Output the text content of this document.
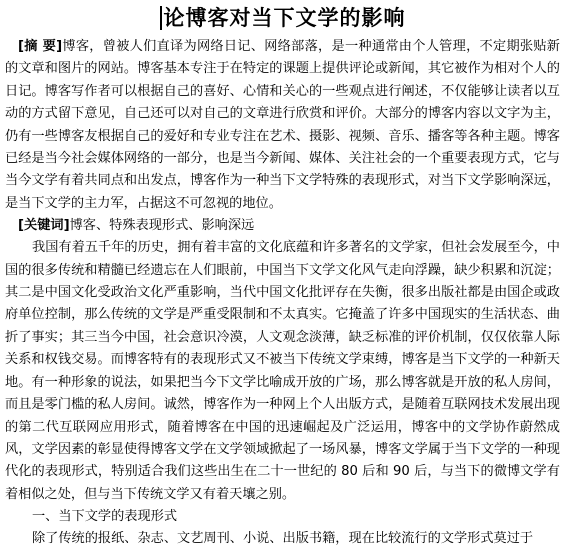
论博客对当下文学的影响

[摘 要]博客，曾被人们直译为网络日记、网络部落，是一种通常由个人管理，不定期张贴新的文章和图片的网站。博客基本专注于在特定的课题上提供评论或新闻，其它被作为相对个人的日记。博客写作者可以根据自己的喜好、心情和关心的一些观点进行阐述，不仅能够让读者以互动的方式留下意见，自己还可以对自己的文章进行欣赏和评价。大部分的博客内容以文字为主，仍有一些博客友根据自己的爱好和专业专注在艺术、摄影、视频、音乐、播客等各种主题。博客已经是当今社会媒体网络的一部分，也是当今新闻、媒体、关注社会的一个重要表现方式，它与当今文学有着共同点和出发点，博客作为一种当下文学特殊的表现形式，对当下文学影响深远，是当下文学的主力军，占据这不可忽视的地位。

[关键词]博客、特殊表现形式、影响深远

我国有着五千年的历史，拥有着丰富的文化底蕴和许多著名的文学家，但社会发展至今，中国的很多传统和精髓已经遗忘在人们眼前，中国当下文学文化风气走向浮躁，缺少积累和沉淀；其二是中国文化受政治文化严重影响，当代中国文化批评存在失衡，很多出版社都是由国企或政府单位控制，那么传统的文学是严重受限制和不太真实。它掩盖了许多中国现实的生活状态、曲折了事实；其三当今中国，社会意识冷漠，人文观念淡薄，缺乏标准的评价机制，仅仅依靠人际关系和权钱交易。而博客特有的表现形式又不被当下传统文学束缚，博客是当下文学的一种新天地。有一种形象的说法，如果把当今下文学比喻成开放的广场，那么博客就是开放的私人房间，而且是零门槛的私人房间。诚然，博客作为一种网上个人出版方式，是随着互联网技术发展出现的第二代互联网应用形式，随着博客在中国的迅速崛起及广泛运用，博客中的文学协作蔚然成风，文学因素的彰显使得博客文学在文学领域掀起了一场风暴，博客文学属于当下文学的一种现代化的表现形式，特别适合我们这些出生在二十一世纪的 80 后和 90 后，与当下的微博文学有着相似之处，但与当下传统文学又有着天壤之别。

一、当下文学的表现形式

除了传统的报纸、杂志、文艺周刊、小说、出版书籍，现在比较流行的文学形式莫过于
